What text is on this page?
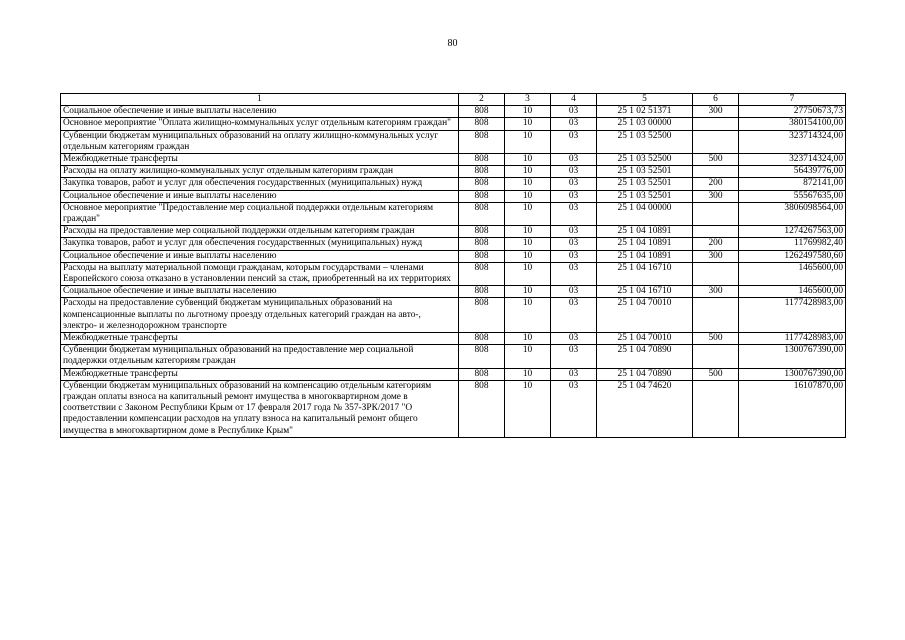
80
1	2	3	4	5	6	7
Социальное обеспечение и иные выплаты населению	808	10	03	25 1 02 51371	300	27750673,73
Основное мероприятие "Оплата жилищно-коммунальных услуг отдельным категориям граждан"	808	10	03	25 1 03 00000		380154100,00
Субвенции бюджетам муниципальных образований на оплату жилищно-коммунальных услуг отдельным категориям граждан	808	10	03	25 1 03 52500		323714324,00
Межбюджетные трансферты	808	10	03	25 1 03 52500	500	323714324,00
Расходы на оплату жилищно-коммунальных услуг отдельным категориям граждан	808	10	03	25 1 03 52501		56439776,00
Закупка товаров, работ и услуг для обеспечения государственных (муниципальных) нужд	808	10	03	25 1 03 52501	200	872141,00
Социальное обеспечение и иные выплаты населению	808	10	03	25 1 03 52501	300	55567635,00
Основное мероприятие "Предоставление мер социальной поддержки отдельным категориям граждан"	808	10	03	25 1 04 00000		3806098564,00
Расходы на предоставление мер социальной поддержки отдельным категориям граждан	808	10	03	25 1 04 10891		1274267563,00
Закупка товаров, работ и услуг для обеспечения государственных (муниципальных) нужд	808	10	03	25 1 04 10891	200	11769982,40
Социальное обеспечение и иные выплаты населению	808	10	03	25 1 04 10891	300	1262497580,60
Расходы на выплату материальной помощи гражданам, которым государствами – членами Европейского союза отказано в установлении пенсий за стаж, приобретенный на их территориях	808	10	03	25 1 04 16710		1465600,00
Социальное обеспечение и иные выплаты населению	808	10	03	25 1 04 16710	300	1465600,00
Расходы на предоставление субвенций бюджетам муниципальных образований на компенсационные выплаты по льготному проезду отдельных категорий граждан на авто-, электро- и железнодорожном транспорте	808	10	03	25 1 04 70010		1177428983,00
Межбюджетные трансферты	808	10	03	25 1 04 70010	500	1177428983,00
Субвенции бюджетам муниципальных образований на предоставление мер социальной поддержки отдельным категориям граждан	808	10	03	25 1 04 70890		1300767390,00
Межбюджетные трансферты	808	10	03	25 1 04 70890	500	1300767390,00
Субвенции бюджетам муниципальных образований на компенсацию отдельным категориям граждан оплаты взноса на капитальный ремонт имущества в многоквартирном доме в соответствии с Законом Республики Крым от 17 февраля 2017 года № 357-ЗРК/2017 "О предоставлении компенсации расходов на уплату взноса на капитальный ремонт общего имущества в многоквартирном доме в Республике Крым"	808	10	03	25 1 04 74620		16107870,00
